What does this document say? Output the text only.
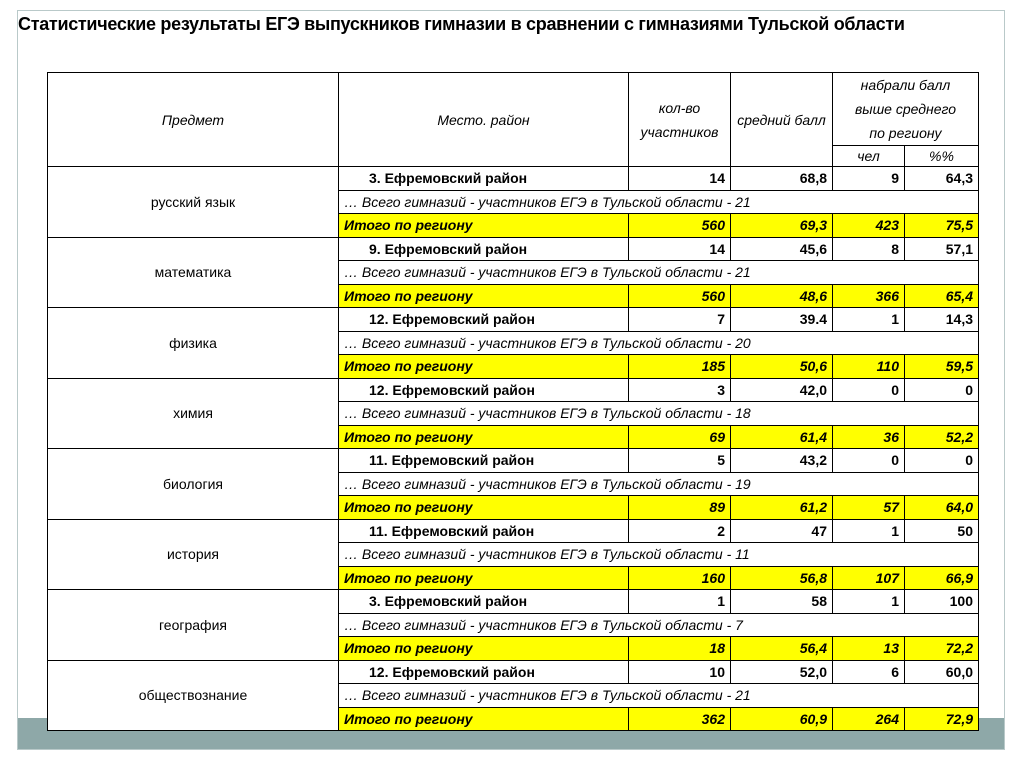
Статистические результаты ЕГЭ выпускников гимназии в сравнении с гимназиями Тульской области
Предмет	Место. район	кол-во участников	средний балл	набрали балл
выше среднего
по региону	

				чел	%%
русский язык	3. Ефремовский район	14	68,8	9	64,3
	… Всего гимназий - участников ЕГЭ в Тульской области - 21				
	Итого по региону	560	69,3	423	75,5
математика	9. Ефремовский район	14	45,6	8	57,1
	… Всего гимназий - участников ЕГЭ в Тульской области - 21				
	Итого по региону	560	48,6	366	65,4
физика	12. Ефремовский район	7	39.4	1	14,3
	… Всего гимназий - участников ЕГЭ в Тульской области - 20				
	Итого по региону	185	50,6	110	59,5
химия	12. Ефремовский район	3	42,0	0	0
	… Всего гимназий - участников ЕГЭ в Тульской области - 18				
	Итого по региону	69	61,4	36	52,2
биология	11. Ефремовский район	5	43,2	0	0
	… Всего гимназий - участников ЕГЭ в Тульской области - 19				
	Итого по региону	89	61,2	57	64,0
история	11. Ефремовский район	2	47	1	50
	… Всего гимназий - участников ЕГЭ в Тульской области - 11				
	Итого по региону	160	56,8	107	66,9
география	3. Ефремовский район	1	58	1	100
	… Всего гимназий - участников ЕГЭ в Тульской области - 7				
	Итого по региону	18	56,4	13	72,2
обществознание	12. Ефремовский район	10	52,0	6	60,0
	… Всего гимназий - участников ЕГЭ в Тульской области - 21				
	Итого по региону	362	60,9	264	72,9
